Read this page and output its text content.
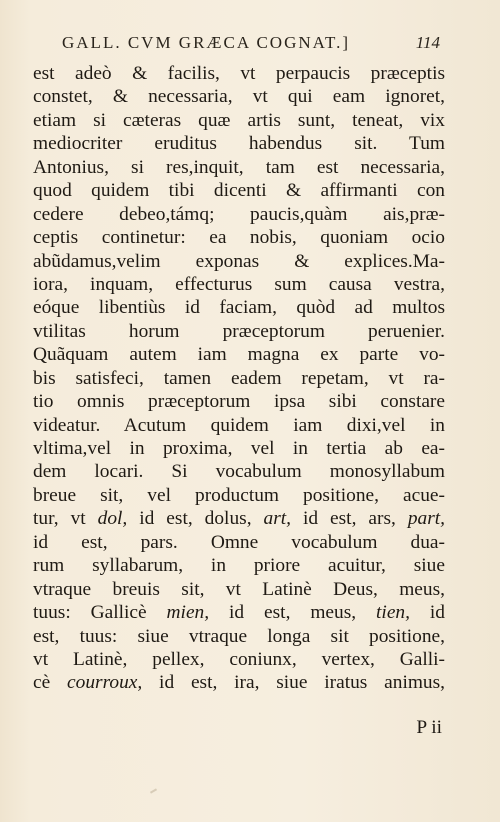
GALL. CVM GRÆCA COGNAT.]	114
est adeò & facilis, vt perpaucis præceptis
constet, & necessaria, vt qui eam ignoret,
etiam si cæteras quæ artis sunt, teneat, vix
mediocriter eruditus habendus sit. Tum
Antonius, si res,inquit, tam est necessaria,
quod quidem tibi dicenti & affirmanti con
cedere debeo,támq; paucis,quàm ais,præ-
ceptis continetur: ea nobis, quoniam ocio
abũdamus,velim exponas & explices.Ma-
iora, inquam, effecturus sum causa vestra,
eóque libentiùs id faciam, quòd ad multos
vtilitas horum præceptorum peruenier.
Quãquam autem iam magna ex parte vo-
bis satisfeci, tamen eadem repetam, vt ra-
tio omnis præceptorum ipsa sibi constare
videatur. Acutum quidem iam dixi,vel in
vltima,vel in proxima, vel in tertia ab ea-
dem locari. Si vocabulum monosyllabum
breue sit, vel productum positione, acue-
tur, vt dol, id est, dolus, art, id est, ars, part,
id est, pars. Omne vocabulum dua-
rum syllabarum, in priore acuitur, siue
vtraque breuis sit, vt Latinè Deus, meus,
tuus: Gallicè mien, id est, meus, tien, id
est, tuus: siue vtraque longa sit positione,
vt Latinè, pellex, coniunx, vertex, Galli-
cè courroux, id est, ira, siue iratus animus,
P ii
